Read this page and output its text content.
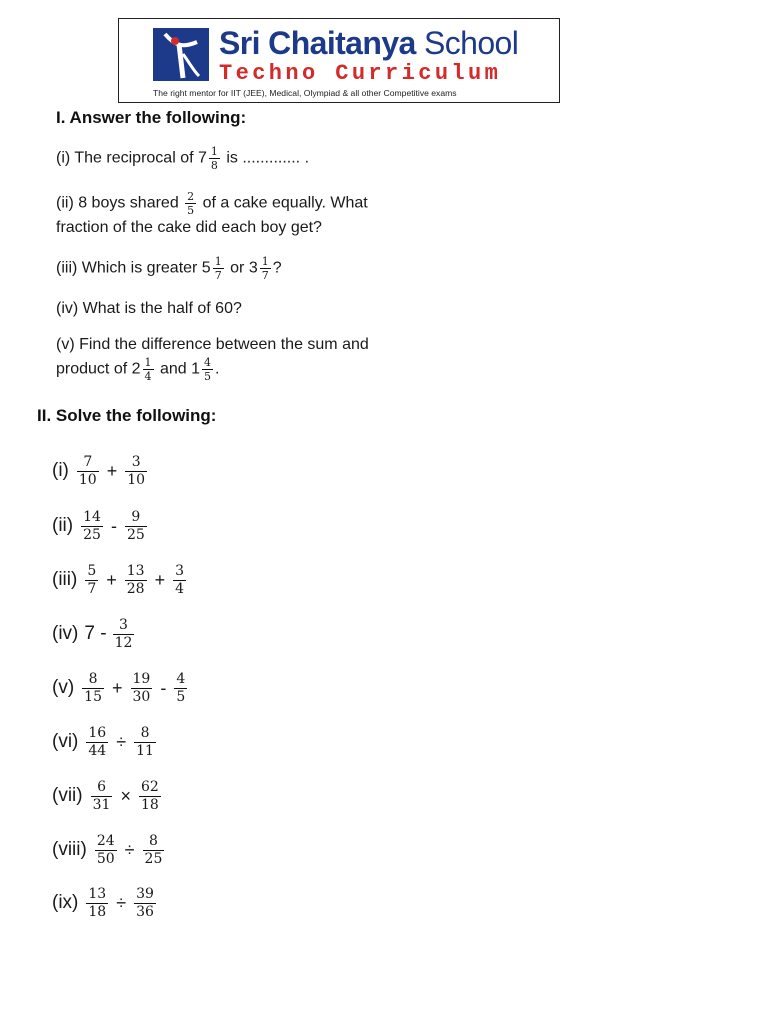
Sri Chaitanya School
Techno Curriculum
The right mentor for IIT (JEE), Medical, Olympiad & all other Competitive exams
I. Answer the following:
(i) The reciprocal of $7 \frac{1}{8}$ is ............. .
(ii) 8 boys shared $\frac{2}{5}$ of a cake equally. What
fraction of the cake did each boy get?
(iii) Which is greater $5 \frac{1}{7}$ or $3 \frac{1}{7}$ ?
(iv) What is the half of 60?
(v) Find the difference between the sum and
product of $2 \frac{1}{4}$ and $1 \frac{4}{5}$ .
II. Solve the following:
$(i) \frac{7}{10} + \frac{3}{10}$
$(ii) \frac{14}{25} - \frac{9}{25}$
$(iii) \frac{5}{7} + \frac{13}{28} + \frac{3}{4}$
(iv) $7 - \frac{3}{12}$
$(v) \frac{8}{15} + \frac{19}{30} - \frac{4}{5}$
$(vi) \frac{16}{44} \div \frac{8}{11}$
$(vii) \frac{6}{31} \times \frac{62}{18}$
(viii) $\frac{24}{50} \div \frac{8}{25}$
$(ix) \frac{13}{18} \div \frac{39}{36}$
